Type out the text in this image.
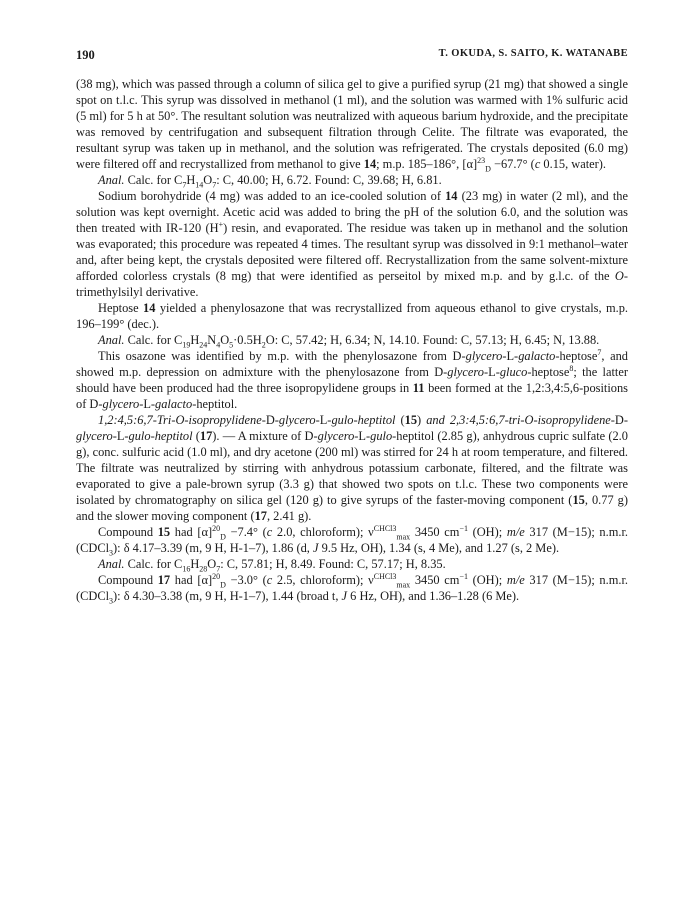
190	T. OKUDA, S. SAITO, K. WATANABE

(38 mg), which was passed through a column of silica gel to give a purified syrup (21 mg) that showed a single spot on t.l.c. This syrup was dissolved in methanol (1 ml), and the solution was warmed with 1% sulfuric acid (5 ml) for 5 h at 50°. The resultant solution was neutralized with aqueous barium hydroxide, and the precipitate was removed by centrifugation and subsequent filtration through Celite. The filtrate was evaporated, the resultant syrup was taken up in methanol, and the solution was refrigerated. The crystals deposited (6.0 mg) were filtered off and recrystallized from methanol to give 14; m.p. 185–186°, $[\alpha]^{23}_D -67.7^\circ$ (c 0.15, water).

Anal. Calc. for $C_7H_{14}O_7$: C, 40.00; H, 6.72. Found: C, 39.68; H, 6.81.

Sodium borohydride (4 mg) was added to an ice-cooled solution of 14 (23 mg) in water (2 ml), and the solution was kept overnight. Acetic acid was added to bring the pH of the solution 6.0, and the solution was then treated with IR-120 (H+) resin, and evaporated. The residue was taken up in methanol and the solution was evaporated; this procedure was repeated 4 times. The resultant syrup was dissolved in 9:1 methanol–water and, after being kept, the crystals deposited were filtered off. Recrystallization from the same solvent-mixture afforded colorless crystals (8 mg) that were identified as perseitol by mixed m.p. and by g.l.c. of the O-trimethylsilyl derivative.

Heptose 14 yielded a phenylosazone that was recrystallized from aqueous ethanol to give crystals, m.p. 196–199° (dec.).

Anal. Calc. for $C_{19}H_{24}N_4O_5\cdot 0.5H_2O$: C, 57.42; H, 6.34; N, 14.10. Found: C, 57.13; H, 6.45; N, 13.88.

This osazone was identified by m.p. with the phenylosazone from D-glycero-L-galacto-heptose$^7$, and showed m.p. depression on admixture with the phenylosazone from D-glycero-L-gluco-heptose$^8$; the latter should have been produced had the three isopropylidene groups in 11 been formed at the 1,2:3,4:5,6-positions of D-glycero-L-galacto-heptitol.

1,2:4,5:6,7-Tri-O-isopropylidene-D-glycero-L-gulo-heptitol (15) and 2,3:4,5:6,7-tri-O-isopropylidene-D-glycero-L-gulo-heptitol (17). — A mixture of D-glycero-L-gulo-heptitol (2.85 g), anhydrous cupric sulfate (2.0 g), conc. sulfuric acid (1.0 ml), and dry acetone (200 ml) was stirred for 24 h at room temperature, and filtered. The filtrate was neutralized by stirring with anhydrous potassium carbonate, filtered, and the filtrate was evaporated to give a pale-brown syrup (3.3 g) that showed two spots on t.l.c. These two components were isolated by chromatography on silica gel (120 g) to give syrups of the faster-moving component (15, 0.77 g) and the slower moving component (17, 2.41 g).

Compound 15 had $[\alpha]^{20}_D -7.4^\circ$ (c 2.0, chloroform); $\nu^{CHCl3}_{max}$ 3450 $cm^{-1}$ (OH); m/e 317 (M−15); n.m.r. (CDCl$_3$): δ 4.17–3.39 (m, 9 H, H-1–7), 1.86 (d, J 9.5 Hz, OH), 1.34 (s, 4 Me), and 1.27 (s, 2 Me).

Anal. Calc. for $C_{16}H_{28}O_7$: C, 57.81; H, 8.49. Found: C, 57.17; H, 8.35.

Compound 17 had $[\alpha]^{20}_D -3.0^\circ$ (c 2.5, chloroform); $\nu^{CHCl3}_{max}$ 3450 $cm^{-1}$ (OH); m/e 317 (M−15); n.m.r. (CDCl$_3$): δ 4.30–3.38 (m, 9 H, H-1–7), 1.44 (broad t, J 6 Hz, OH), and 1.36–1.28 (6 Me).
